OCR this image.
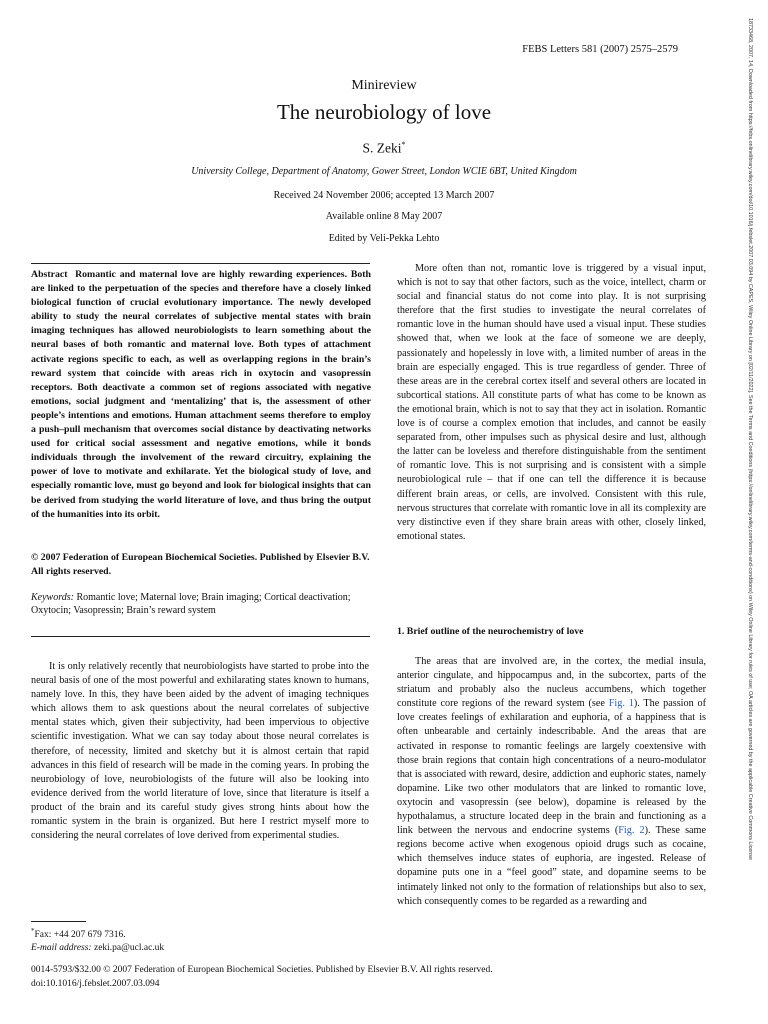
FEBS Letters 581 (2007) 2575–2579
Minireview
The neurobiology of love
S. Zeki*
University College, Department of Anatomy, Gower Street, London WCIE 6BT, United Kingdom
Received 24 November 2006; accepted 13 March 2007
Available online 8 May 2007
Edited by Veli-Pekka Lehto
Abstract Romantic and maternal love are highly rewarding experiences. Both are linked to the perpetuation of the species and therefore have a closely linked biological function of crucial evolutionary importance. The newly developed ability to study the neural correlates of subjective mental states with brain imaging techniques has allowed neurobiologists to learn something about the neural bases of both romantic and maternal love. Both types of attachment activate regions specific to each, as well as overlapping regions in the brain’s reward system that coincide with areas rich in oxytocin and vasopressin receptors. Both deactivate a common set of regions associated with negative emotions, social judgment and ‘mentalizing’ that is, the assessment of other people’s intentions and emotions. Human attachment seems therefore to employ a push–pull mechanism that overcomes social distance by deactivating networks used for critical social assessment and negative emotions, while it bonds individuals through the involvement of the reward circuitry, explaining the power of love to motivate and exhilarate. Yet the biological study of love, and especially romantic love, must go beyond and look for biological insights that can be derived from studying the world literature of love, and thus bring the output of the humanities into its orbit.
© 2007 Federation of European Biochemical Societies. Published by Elsevier B.V. All rights reserved.
Keywords: Romantic love; Maternal love; Brain imaging; Cortical deactivation; Oxytocin; Vasopressin; Brain’s reward system
It is only relatively recently that neurobiologists have started to probe into the neural basis of one of the most powerful and exhilarating states known to humans, namely love. In this, they have been aided by the advent of imaging techniques which allows them to ask questions about the neural correlates of subjective mental states which, given their subjectivity, had been impervious to objective scientific investigation. What we can say today about those neural correlates is therefore, of necessity, limited and sketchy but it is almost certain that rapid advances in this field of research will be made in the coming years. In probing the neurobiology of love, neurobiologists of the future will also be looking into evidence derived from the world literature of love, since that literature is itself a product of the brain and its careful study gives strong hints about how the romantic system in the brain is organized. But here I restrict myself more to considering the neural correlates of love derived from experimental studies.
*Fax: +44 207 679 7316.
E-mail address: zeki.pa@ucl.ac.uk
More often than not, romantic love is triggered by a visual input, which is not to say that other factors, such as the voice, intellect, charm or social and financial status do not come into play. It is not surprising therefore that the first studies to investigate the neural correlates of romantic love in the human should have used a visual input. These studies showed that, when we look at the face of someone we are deeply, passionately and hopelessly in love with, a limited number of areas in the brain are especially engaged. This is true regardless of gender. Three of these areas are in the cerebral cortex itself and several others are located in subcortical stations. All constitute parts of what has come to be known as the emotional brain, which is not to say that they act in isolation. Romantic love is of course a complex emotion that includes, and cannot be easily separated from, other impulses such as physical desire and lust, although the latter can be loveless and therefore distinguishable from the sentiment of romantic love. This is not surprising and is consistent with a simple neurobiological rule – that if one can tell the difference it is because different brain areas, or cells, are involved. Consistent with this rule, nervous structures that correlate with romantic love in all its complexity are very distinctive even if they share brain areas with other, closely linked, emotional states.
1. Brief outline of the neurochemistry of love
The areas that are involved are, in the cortex, the medial insula, anterior cingulate, and hippocampus and, in the subcortex, parts of the striatum and probably also the nucleus accumbens, which together constitute core regions of the reward system (see Fig. 1). The passion of love creates feelings of exhilaration and euphoria, of a happiness that is often unbearable and certainly indescribable. And the areas that are activated in response to romantic feelings are largely coextensive with those brain regions that contain high concentrations of a neuro-modulator that is associated with reward, desire, addiction and euphoric states, namely dopamine. Like two other modulators that are linked to romantic love, oxytocin and vasopressin (see below), dopamine is released by the hypothalamus, a structure located deep in the brain and functioning as a link between the nervous and endocrine systems (Fig. 2). These same regions become active when exogenous opioid drugs such as cocaine, which themselves induce states of euphoria, are ingested. Release of dopamine puts one in a “feel good” state, and dopamine seems to be intimately linked not only to the formation of relationships but also to sex, which consequently comes to be regarded as a rewarding and
0014-5793/$32.00 © 2007 Federation of European Biochemical Societies. Published by Elsevier B.V. All rights reserved.
doi:10.1016/j.febslet.2007.03.094
18733468, 2007, 14, Downloaded from https://febs.onlinelibrary.wiley.com/doi/10.1016/j.febslet.2007.03.094 by CAPES, Wiley Online Library on [02/11/2022]. See the Terms and Conditions (https://onlinelibrary.wiley.com/terms-and-conditions) on Wiley Online Library for rules of use; OA articles are governed by the applicable Creative Commons License
